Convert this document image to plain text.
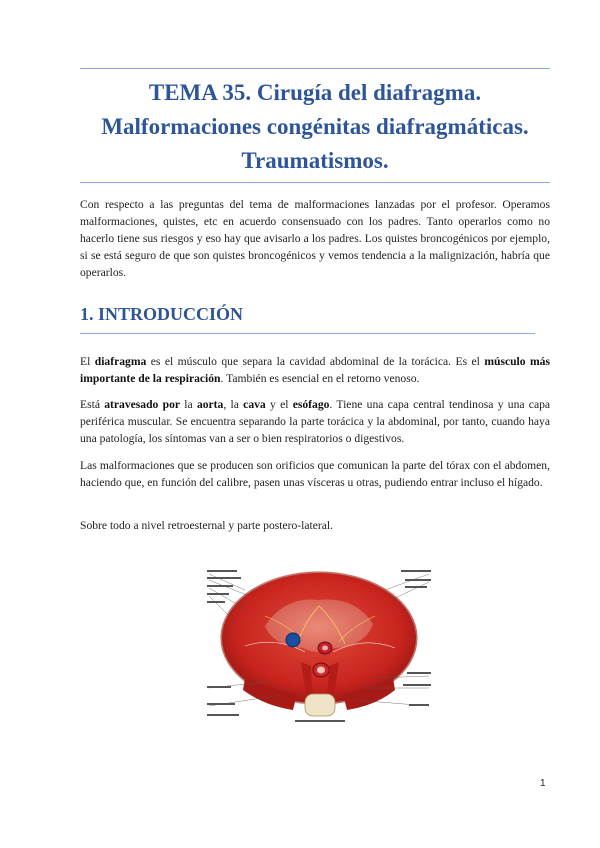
TEMA 35. Cirugía del diafragma.
Malformaciones congénitas diafragmáticas.
Traumatismos.
Con respecto a las preguntas del tema de malformaciones lanzadas por el profesor. Operamos malformaciones, quistes, etc en acuerdo consensuado con los padres. Tanto operarlos como no hacerlo tiene sus riesgos y eso hay que avisarlo a los padres. Los quistes broncogénicos por ejemplo, si se está seguro de que son quistes broncogénicos y vemos tendencia a la malignización, habría que operarlos.
1. INTRODUCCIÓN
El diafragma es el músculo que separa la cavidad abdominal de la torácica. Es el músculo más importante de la respiración. También es esencial en el retorno venoso.
Está atravesado por la aorta, la cava y el esófago. Tiene una capa central tendinosa y una capa periférica muscular. Se encuentra separando la parte torácica y la abdominal, por tanto, cuando haya una patología, los síntomas van a ser o bien respiratorios o digestivos.
Las malformaciones que se producen son orificios que comunican la parte del tórax con el abdomen, haciendo que, en función del calibre, pasen unas vísceras u otras, pudiendo entrar incluso el hígado.
Sobre todo a nivel retroesternal y parte postero-lateral.
1
